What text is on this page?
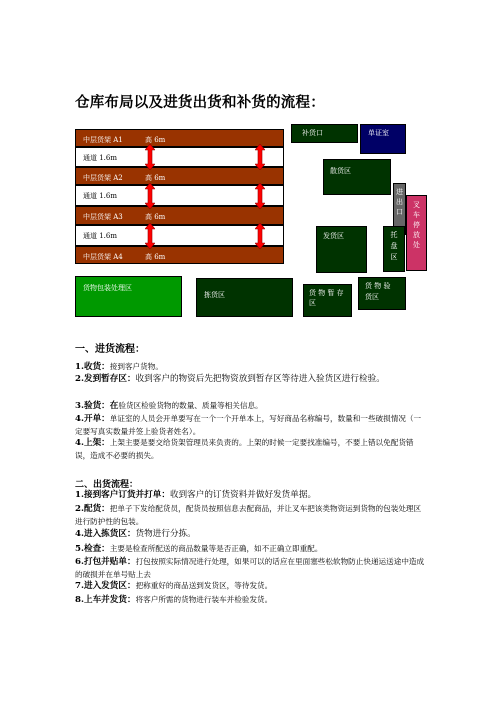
仓库布局以及进货出货和补货的流程：
中层货架 A1	高 6m
通道 1.6m
中层货架 A2	高 6m
通道 1.6m
中层货架 A3	高 6m
通道 1.6m
中层货架 A4	高 6m
补货口	单证室
散货区
进
出
口
叉
车
停
放
处
发货区	托
盘
区
货物包装处理区
拣货区	货 物 暂 存
区
货 物 验
货区
一、进货流程：
1.收货：接到客户货物。
2.发到暂存区：收到客户的物资后先把物资放到暂存区等待进入验货区进行检验。
3.验货：在验货区检验货物的数量、质量等相关信息。
4.开单：单证室的人员会开单要写在一个一个开单本上，写好商品名称编号，数量和一些破损情况（一定要写真实数量并签上验货者姓名）。
4.上架：上架主要是要交给货架管理员来负责的。上架的时候一定要找准编号，不要上错以免配货错误，造成不必要的损失。
二、出货流程：
1.接到客户订货并打单：收到客户的订货资料并做好发货单据。
2.配货：把单子下发给配货员，配货员按照信息去配商品，并让叉车把该类物资运到货物的包装处理区进行防护性的包装。
4.进入拣货区：货物进行分拣。
5.检查：主要是检查所配送的商品数量等是否正确，如不正确立即重配。
6.打包并贴单：打包按照实际情况进行处理，如果可以的话应在里面塞些松软物防止快递运送途中造成的破损并在单号贴上去
7.进入发货区：把称重好的商品送到发货区，等待发货。
8.上车并发货：将客户所需的货物进行装车并检验发货。
